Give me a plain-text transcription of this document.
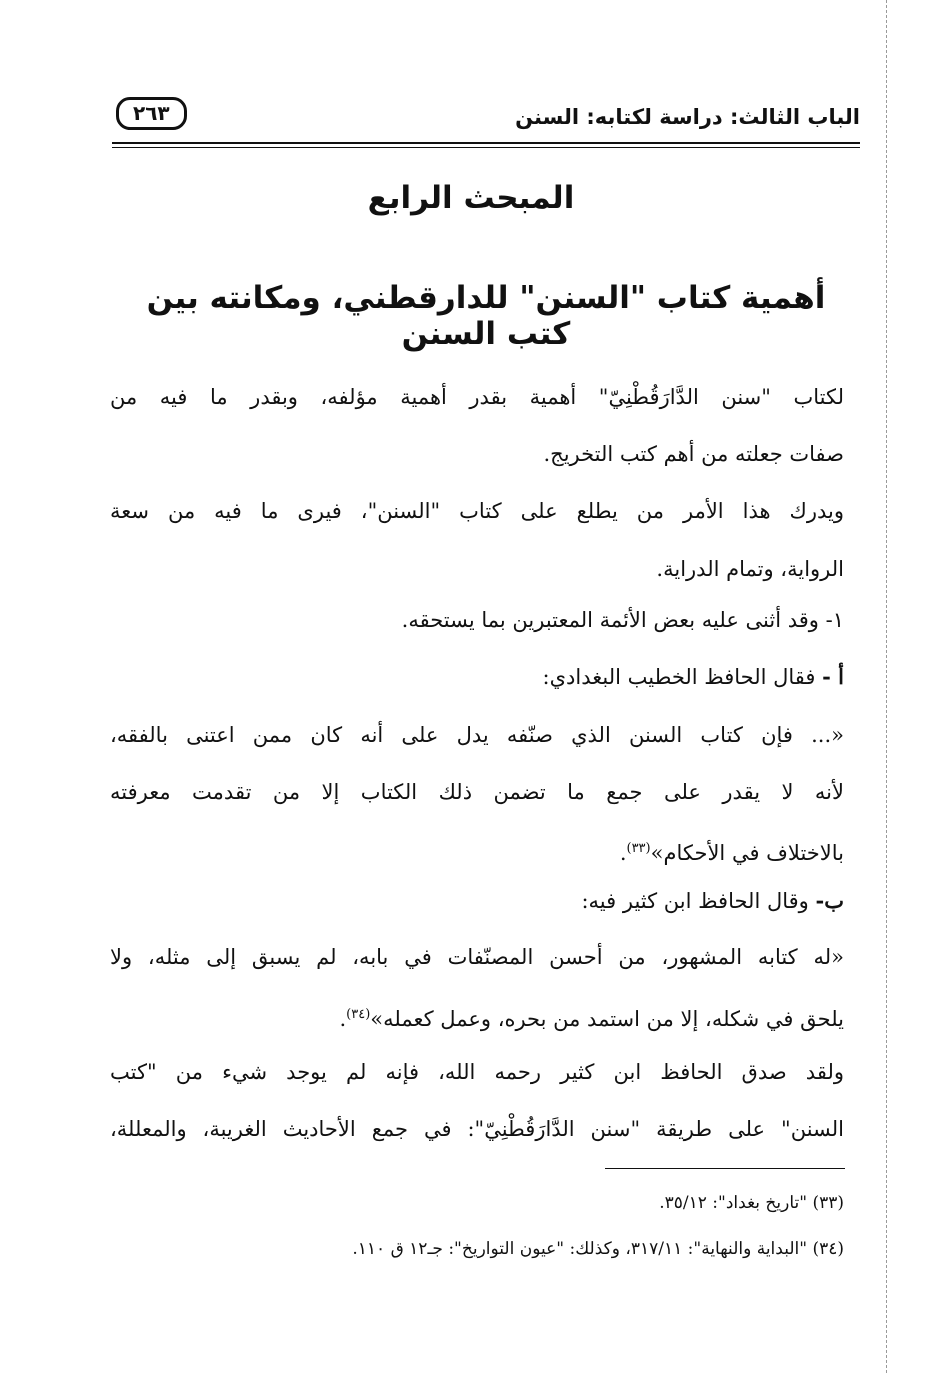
الباب الثالث: دراسة لكتابه: السنن
٢٦٣
المبحث الرابع
أهمية كتاب "السنن" للدارقطني، ومكانته بين كتب السنن
لكتاب "سنن الدَّارَقُطْنِيّ" أهمية بقدر أهمية مؤلفه، وبقدر ما فيه من
صفات جعلته من أهم كتب التخريج.
ويدرك هذا الأمر من يطلع على كتاب "السنن"، فيرى ما فيه من سعة
الرواية، وتمام الدراية.
١- وقد أثنى عليه بعض الأئمة المعتبرين بما يستحقه.
أ - فقال الحافظ الخطيب البغدادي:
«... فإن كتاب السنن الذي صنّفه يدل على أنه كان ممن اعتنى بالفقه،
لأنه لا يقدر على جمع ما تضمن ذلك الكتاب إلا من تقدمت معرفته
بالاختلاف في الأحكام»$^{(٣٣)}$.
ب- وقال الحافظ ابن كثير فيه:
«له كتابه المشهور، من أحسن المصنّفات في بابه، لم يسبق إلى مثله، ولا
يلحق في شكله، إلا من استمد من بحره، وعمل كعمله»$^{(٣٤)}$.
ولقد صدق الحافظ ابن كثير رحمه الله، فإنه لم يوجد شيء من "كتب
السنن" على طريقة "سنن الدَّارَقُطْنِيّ": في جمع الأحاديث الغريبة، والمعللة،
(٣٣) "تاريخ بغداد": ٣٥/١٢.
(٣٤) "البداية والنهاية": ٣١٧/١١، وكذلك: "عيون التواريخ": جـ١٢ ق ١١٠.
